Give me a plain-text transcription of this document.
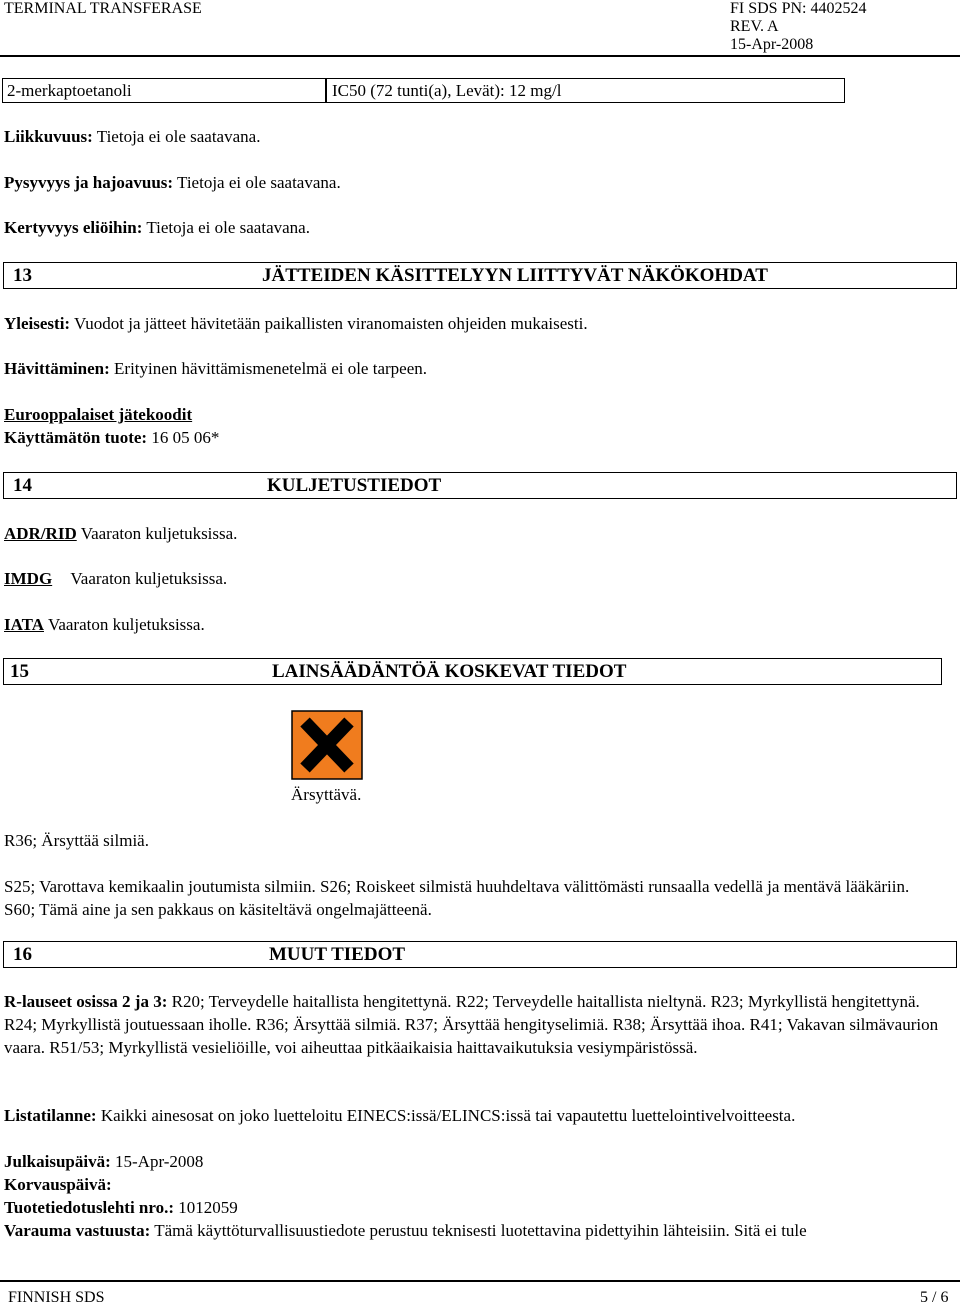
TERMINAL TRANSFERASE	FI SDS PN: 4402524
REV. A
15-Apr-2008
2-merkaptoetanoli	IC50 (72 tunti(a), Levät): 12 mg/l
Liikkuvuus: Tietoja ei ole saatavana.
Pysyvyys ja hajoavuus: Tietoja ei ole saatavana.
Kertyvyys eliöihin: Tietoja ei ole saatavana.
13	JÄTTEIDEN KÄSITTELYYN LIITTYVÄT NÄKÖKOHDAT
Yleisesti: Vuodot ja jätteet hävitetään paikallisten viranomaisten ohjeiden mukaisesti.
Hävittäminen: Erityinen hävittämismenetelmä ei ole tarpeen.
Eurooppalaiset jätekoodit
Käyttämätön tuote: 16 05 06*
14	KULJETUSTIEDOT
ADR/RID Vaaraton kuljetuksissa.
IMDG Vaaraton kuljetuksissa.
IATA Vaaraton kuljetuksissa.
15	LAINSÄÄDÄNTÖÄ KOSKEVAT TIEDOT
Ärsyttävä.
R36; Ärsyttää silmiä.
S25; Varottava kemikaalin joutumista silmiin. S26; Roiskeet silmistä huuhdeltava välittömästi runsaalla vedellä ja mentävä lääkäriin. S60; Tämä aine ja sen pakkaus on käsiteltävä ongelmajätteenä.
16	MUUT TIEDOT
R-lauseet osissa 2 ja 3: R20; Terveydelle haitallista hengitettynä. R22; Terveydelle haitallista nieltynä. R23; Myrkyllistä hengitettynä. R24; Myrkyllistä joutuessaan iholle. R36; Ärsyttää silmiä. R37; Ärsyttää hengityselimiä. R38; Ärsyttää ihoa. R41; Vakavan silmävaurion vaara. R51/53; Myrkyllistä vesieliöille, voi aiheuttaa pitkäaikaisia haittavaikutuksia vesiympäristössä.
Listatilanne: Kaikki ainesosat on joko luetteloitu EINECS:issä/ELINCS:issä tai vapautettu luettelointivelvoitteesta.
Julkaisupäivä: 15-Apr-2008
Korvauspäivä:
Tuotetiedotuslehti nro.: 1012059
Varauma vastuusta: Tämä käyttöturvallisuustiedote perustuu teknisesti luotettavina pidettyihin lähteisiin. Sitä ei tule
FINNISH SDS	5 / 6
